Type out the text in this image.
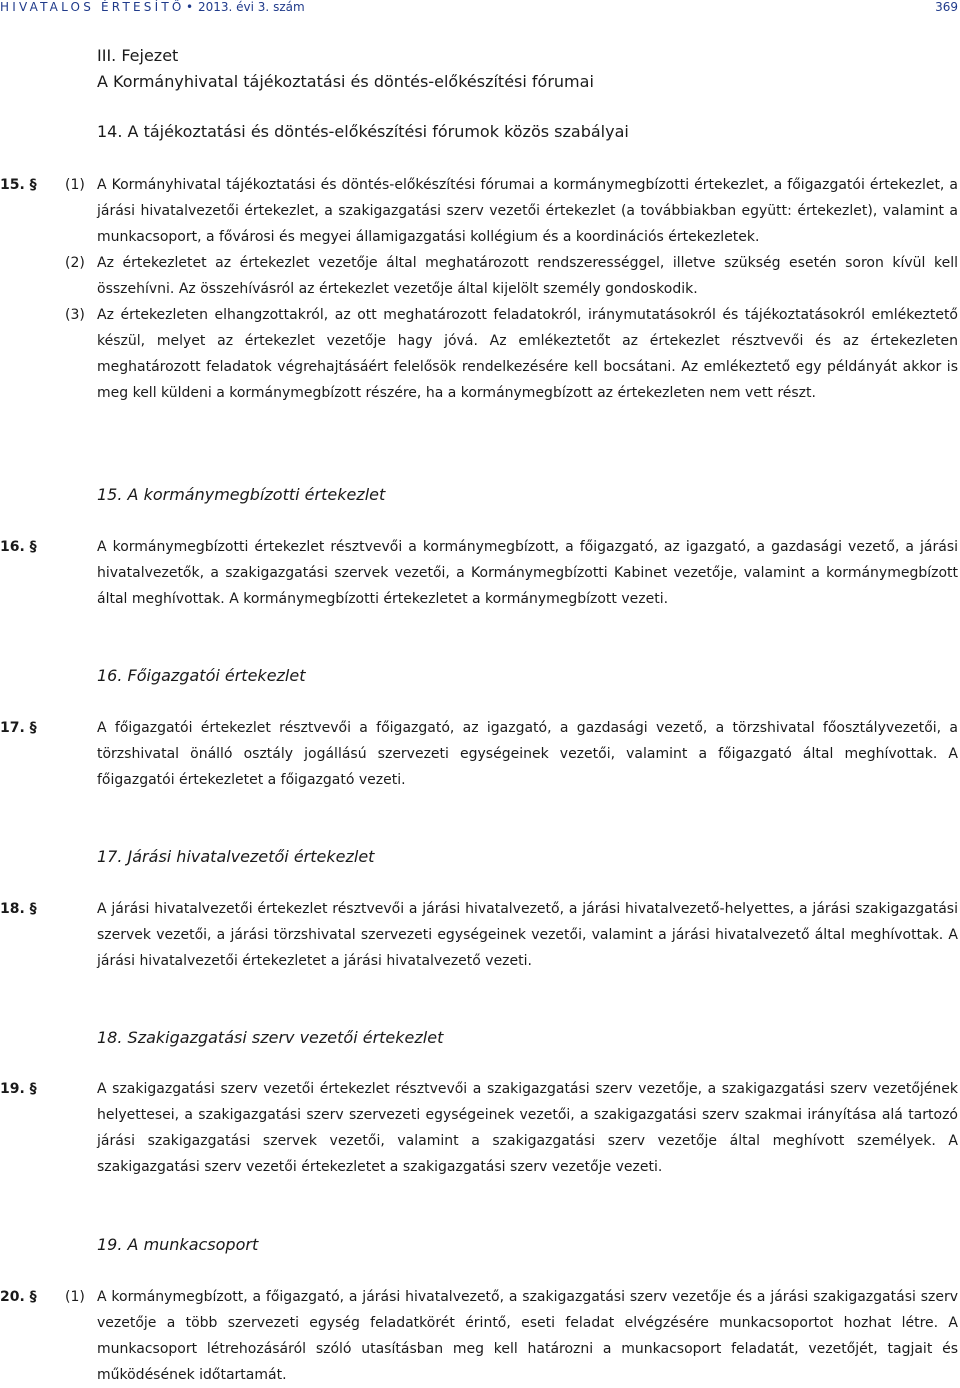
HIVATALOS ÉRTESÍTŐ • 2013. évi 3. szám	369
III. Fejezet
A Kormányhivatal tájékoztatási és döntés-előkészítési fórumai
14. A tájékoztatási és döntés-előkészítési fórumok közös szabályai
15. § (1) A Kormányhivatal tájékoztatási és döntés-előkészítési fórumai a kormánymegbízotti értekezlet, a főigazgatói értekezlet, a járási hivatalvezetői értekezlet, a szakigazgatási szerv vezetői értekezlet (a továbbiakban együtt: értekezlet), valamint a munkacsoport, a fővárosi és megyei államigazgatási kollégium és a koordinációs értekezletek.

(2) Az értekezletet az értekezlet vezetője által meghatározott rendszerességgel, illetve szükség esetén soron kívül kell összehívni. Az összehívásról az értekezlet vezetője által kijelölt személy gondoskodik.

(3) Az értekezleten elhangzottakról, az ott meghatározott feladatokról, iránymutatásokról és tájékoztatásokról emlékeztető készül, melyet az értekezlet vezetője hagy jóvá. Az emlékeztetőt az értekezlet résztvevői és az értekezleten meghatározott feladatok végrehajtásáért felelősök rendelkezésére kell bocsátani. Az emlékeztető egy példányát akkor is meg kell küldeni a kormánymegbízott részére, ha a kormánymegbízott az értekezleten nem vett részt.

15. A kormánymegbízotti értekezlet
16. §	A kormánymegbízotti értekezlet résztvevői a kormánymegbízott, a főigazgató, az igazgató, a gazdasági vezető, a járási hivatalvezetők, a szakigazgatási szervek vezetői, a Kormánymegbízotti Kabinet vezetője, valamint a kormánymegbízott által meghívottak. A kormánymegbízotti értekezletet a kormánymegbízott vezeti.

16. Főigazgatói értekezlet
17. §	A főigazgatói értekezlet résztvevői a főigazgató, az igazgató, a gazdasági vezető, a törzshivatal főosztályvezetői, a törzshivatal önálló osztály jogállású szervezeti egységeinek vezetői, valamint a főigazgató által meghívottak. A főigazgatói értekezletet a főigazgató vezeti.

17. Járási hivatalvezetői értekezlet
18. §	A járási hivatalvezetői értekezlet résztvevői a járási hivatalvezető, a járási hivatalvezető-helyettes, a járási szakigazgatási szervek vezetői, a járási törzshivatal szervezeti egységeinek vezetői, valamint a járási hivatalvezető által meghívottak. A járási hivatalvezetői értekezletet a járási hivatalvezető vezeti.

18. Szakigazgatási szerv vezetői értekezlet
19. §	A szakigazgatási szerv vezetői értekezlet résztvevői a szakigazgatási szerv vezetője, a szakigazgatási szerv vezetőjének helyettesei, a szakigazgatási szerv szervezeti egységeinek vezetői, a szakigazgatási szerv szakmai irányítása alá tartozó járási szakigazgatási szervek vezetői, valamint a szakigazgatási szerv vezetője által meghívott személyek. A szakigazgatási szerv vezetői értekezletet a szakigazgatási szerv vezetője vezeti.

19. A munkacsoport
20. § (1) A kormánymegbízott, a főigazgató, a járási hivatalvezető, a szakigazgatási szerv vezetője és a járási szakigazgatási szerv vezetője a több szervezeti egység feladatkörét érintő, eseti feladat elvégzésére munkacsoportot hozhat létre. A munkacsoport létrehozásáról szóló utasításban meg kell határozni a munkacsoport feladatát, vezetőjét, tagjait és működésének időtartamát.
